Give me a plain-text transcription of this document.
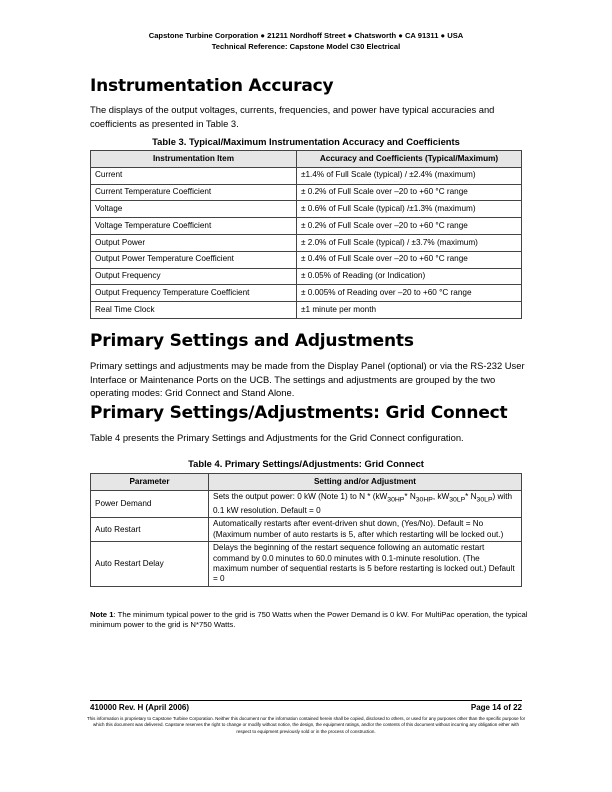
Capstone Turbine Corporation ● 21211 Nordhoff Street ● Chatsworth ● CA 91311 ● USA
Technical Reference: Capstone Model C30 Electrical
Instrumentation Accuracy
The displays of the output voltages, currents, frequencies, and power have typical accuracies and coefficients as presented in Table 3.
Table 3. Typical/Maximum Instrumentation Accuracy and Coefficients
Instrumentation Item	Accuracy and Coefficients (Typical/Maximum)
Current	±1.4% of Full Scale (typical) / ±2.4% (maximum)
Current Temperature Coefficient	± 0.2% of Full Scale over –20 to +60 °C range
Voltage	± 0.6% of Full Scale (typical) /±1.3% (maximum)
Voltage Temperature Coefficient	± 0.2% of Full Scale over –20 to +60 °C range
Output Power	± 2.0% of Full Scale (typical) / ±3.7% (maximum)
Output Power Temperature Coefficient	± 0.4% of Full Scale over –20 to +60 °C range
Output Frequency	± 0.05% of Reading (or Indication)
Output Frequency Temperature Coefficient	± 0.005% of Reading over –20 to +60 °C range
Real Time Clock	±1 minute per month
Primary Settings and Adjustments
Primary settings and adjustments may be made from the Display Panel (optional) or via the RS-232 User Interface or Maintenance Ports on the UCB. The settings and adjustments are grouped by the two operating modes: Grid Connect and Stand Alone.
Primary Settings/Adjustments: Grid Connect
Table 4 presents the Primary Settings and Adjustments for the Grid Connect configuration.
Table 4. Primary Settings/Adjustments: Grid Connect
Parameter	Setting and/or Adjustment
Power Demand	Sets the output power: 0 kW (Note 1) to N * ($kW_{30HP}*$ $N_{30HP}$, $kW_{30LP}*$ $N_{30LP}$) with 0.1 kW resolution. Default = 0
Auto Restart	Automatically restarts after event-driven shut down, (Yes/No). Default = No (Maximum number of auto restarts is 5, after which restarting will be locked out.)
Auto Restart Delay	Delays the beginning of the restart sequence following an automatic restart command by 0.0 minutes to 60.0 minutes with 0.1-minute resolution. (The maximum number of sequential restarts is 5 before restarting is locked out.) Default = 0
Note 1: The minimum typical power to the grid is 750 Watts when the Power Demand is 0 kW. For MultiPac operation, the typical minimum power to the grid is N*750 Watts.
410000 Rev. H (April 2006)	Page 14 of 22
This information is proprietary to Capstone Turbine Corporation. Neither this document nor the information contained herein shall be copied, disclosed to others, or used for any purposes other than the specific purpose for which this document was delivered. Capstone reserves the right to change or modify without notice, the design, the equipment ratings, and/or the contents of this document without incurring any obligation either with respect to equipment previously sold or in the process of construction.
